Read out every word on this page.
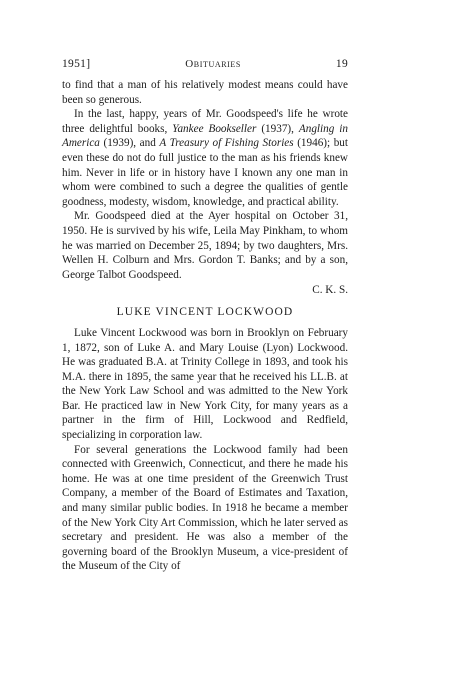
1951]	Obituaries	19

to find that a man of his relatively modest means could have been so generous.

In the last, happy, years of Mr. Goodspeed's life he wrote three delightful books, Yankee Bookseller (1937), Angling in America (1939), and A Treasury of Fishing Stories (1946); but even these do not do full justice to the man as his friends knew him. Never in life or in history have I known any one man in whom were combined to such a degree the qualities of gentle goodness, modesty, wisdom, knowledge, and practical ability.

Mr. Goodspeed died at the Ayer hospital on October 31, 1950. He is survived by his wife, Leila May Pinkham, to whom he was married on December 25, 1894; by two daughters, Mrs. Wellen H. Colburn and Mrs. Gordon T. Banks; and by a son, George Talbot Goodspeed.

C. K. S.
LUKE VINCENT LOCKWOOD

Luke Vincent Lockwood was born in Brooklyn on February 1, 1872, son of Luke A. and Mary Louise (Lyon) Lockwood. He was graduated B.A. at Trinity College in 1893, and took his M.A. there in 1895, the same year that he received his LL.B. at the New York Law School and was admitted to the New York Bar. He practiced law in New York City, for many years as a partner in the firm of Hill, Lockwood and Redfield, specializing in corporation law.

For several generations the Lockwood family had been connected with Greenwich, Connecticut, and there he made his home. He was at one time president of the Greenwich Trust Company, a member of the Board of Estimates and Taxation, and many similar public bodies. In 1918 he became a member of the New York City Art Commission, which he later served as secretary and president. He was also a member of the governing board of the Brooklyn Museum, a vice-president of the Museum of the City of
